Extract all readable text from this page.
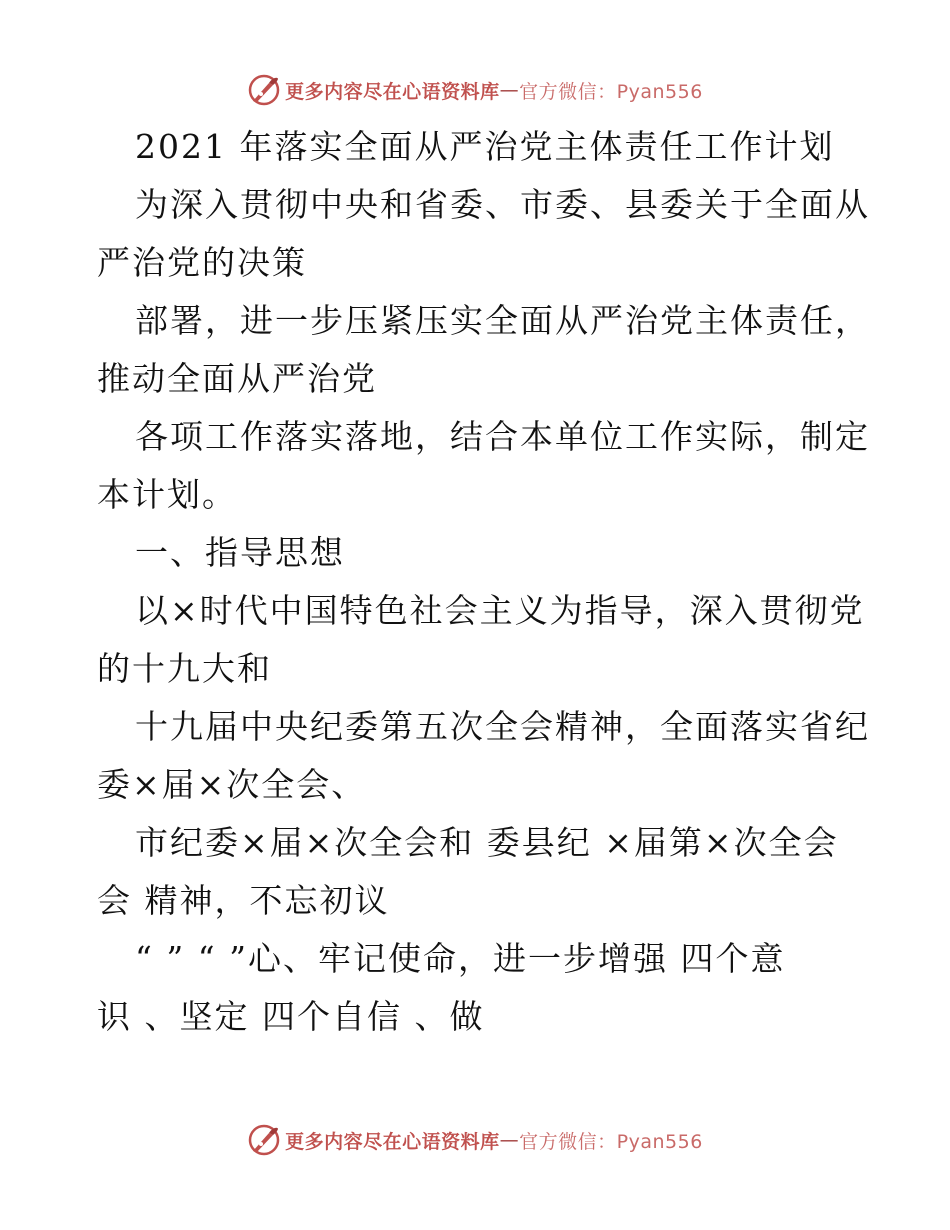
更多内容尽在心语资料库 — 官方微信：Pyan556
2021 年落实全面从严治党主体责任工作计划
为深入贯彻中央和省委、市委、县委关于全面从
严治党的决策
部署，进一步压紧压实全面从严治党主体责任，
推动全面从严治党
各项工作落实落地，结合本单位工作实际，制定
本计划。
一、指导思想
以×时代中国特色社会主义为指导，深入贯彻党
的十九大和
十九届中央纪委第五次全会精神，全面落实省纪
委×届×次全会、
市纪委×届×次全会和 委县纪 ×届第×次全会
会 精神，不忘初议
“ ” “ ”心、牢记使命，进一步增强 四个意
识 、坚定 四个自信 、做
更多内容尽在心语资料库 — 官方微信：Pyan556
